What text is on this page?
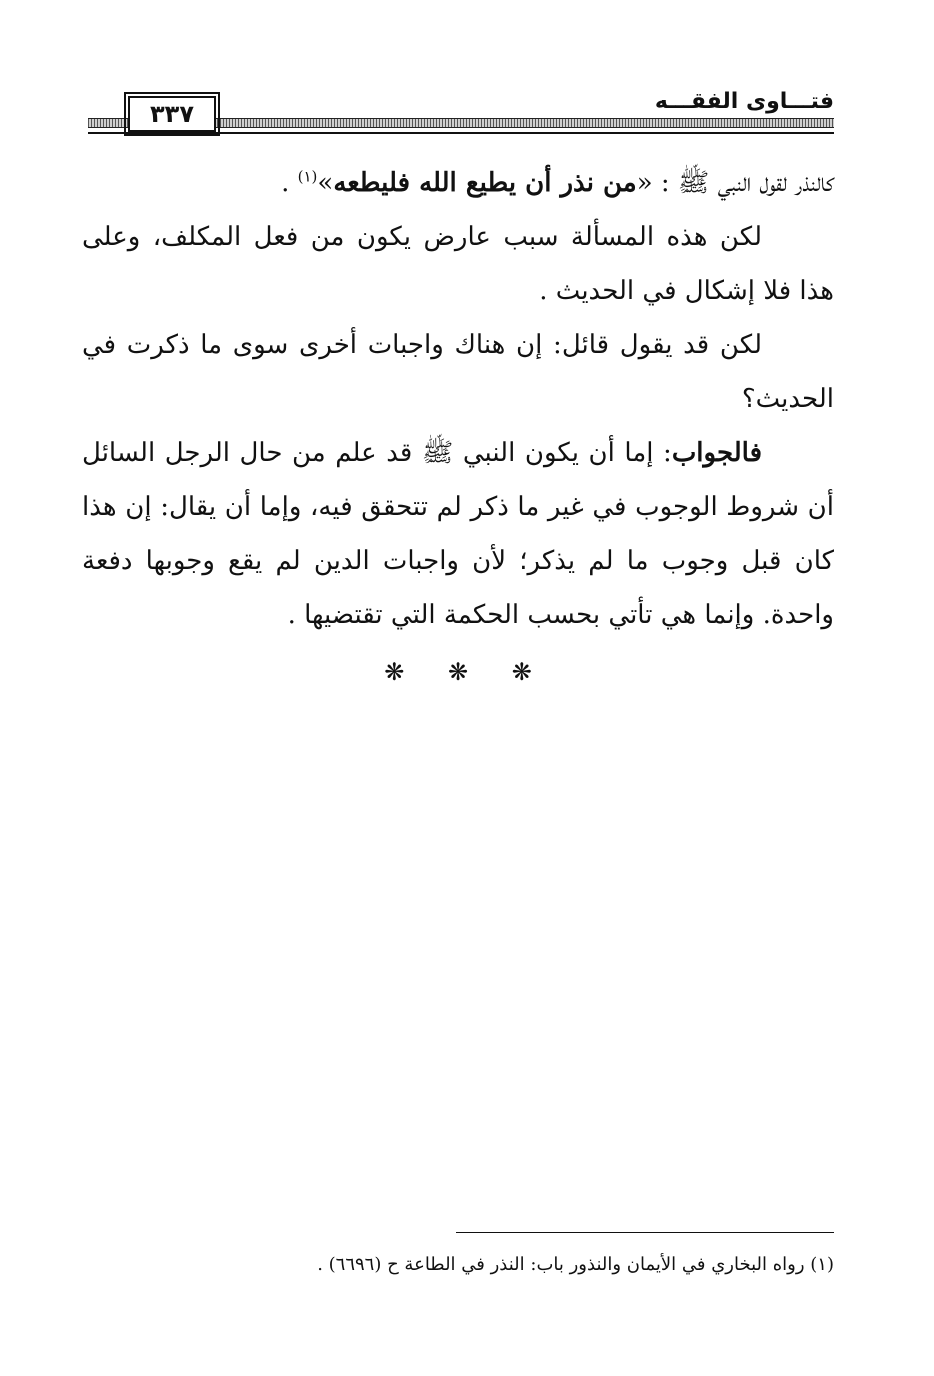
فتـــاوى الفقـــه
٣٣٧

كالنذر لقول النبي ﷺ : «من نذر أن يطيع الله فليطعه»$^{(١)}$ .

لكن هذه المسألة سبب عارض يكون من فعل المكلف، وعلى هذا فلا إشكال في الحديث .

لكن قد يقول قائل: إن هناك واجبات أخرى سوى ما ذكرت في الحديث؟

فالجواب: إما أن يكون النبي ﷺ قد علم من حال الرجل السائل أن شروط الوجوب في غير ما ذكر لم تتحقق فيه، وإما أن يقال: إن هذا كان قبل وجوب ما لم يذكر؛ لأن واجبات الدين لم يقع وجوبها دفعة واحدة. وإنما هي تأتي بحسب الحكمة التي تقتضيها .

❋ ❋ ❋
(١) رواه البخاري في الأيمان والنذور باب: النذر في الطاعة ح (٦٦٩٦) .
